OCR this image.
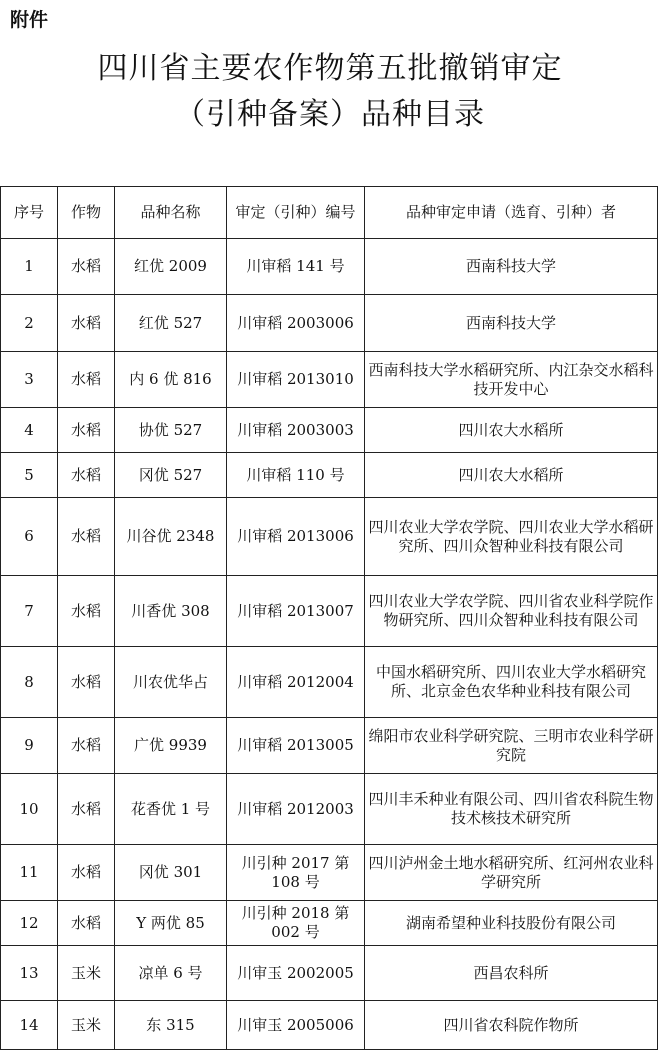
附件
四川省主要农作物第五批撤销审定
（引种备案）品种目录
序号	作物	品种名称	审定（引种）编号	品种审定申请（选育、引种）者
1	水稻	红优 2009	川审稻 141 号	西南科技大学
2	水稻	红优 527	川审稻 2003006	西南科技大学
3	水稻	内 6 优 816	川审稻 2013010	西南科技大学水稻研究所、内江杂交水稻科技开发中心
4	水稻	协优 527	川审稻 2003003	四川农大水稻所
5	水稻	冈优 527	川审稻 110 号	四川农大水稻所
6	水稻	川谷优 2348	川审稻 2013006	四川农业大学农学院、四川农业大学水稻研究所、四川众智种业科技有限公司
7	水稻	川香优 308	川审稻 2013007	四川农业大学农学院、四川省农业科学院作物研究所、四川众智种业科技有限公司
8	水稻	川农优华占	川审稻 2012004	中国水稻研究所、四川农业大学水稻研究所、北京金色农华种业科技有限公司
9	水稻	广优 9939	川审稻 2013005	绵阳市农业科学研究院、三明市农业科学研究院
10	水稻	花香优 1 号	川审稻 2012003	四川丰禾种业有限公司、四川省农科院生物技术核技术研究所
11	水稻	冈优 301	川引种 2017 第 108 号	四川泸州金土地水稻研究所、红河州农业科学研究所
12	水稻	Y 两优 85	川引种 2018 第 002 号	湖南希望种业科技股份有限公司
13	玉米	凉单 6 号	川审玉 2002005	西昌农科所
14	玉米	东 315	川审玉 2005006	四川省农科院作物所
